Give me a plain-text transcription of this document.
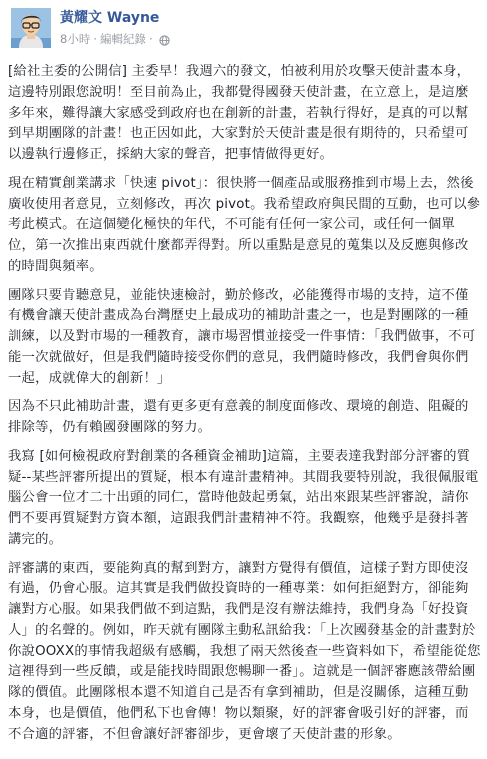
黃耀文 Wayne
8小時 · 編輯紀錄 ·

[給社主委的公開信] 主委早！我週六的發文，怕被利用於攻擊天使計畫本身，這邊特別跟您說明！至目前為止，我都覺得國發天使計畫，在立意上，是這麼多年來，難得讓大家感受到政府也在創新的計畫，若執行得好，是真的可以幫到早期團隊的計畫！也正因如此，大家對於天使計畫是很有期待的，只希望可以邊執行邊修正，採納大家的聲音，把事情做得更好。

現在精實創業講求「快速 pivot」：很快將一個產品或服務推到市場上去，然後廣收使用者意見，立刻修改，再次 pivot。我希望政府與民間的互動，也可以參考此模式。在這個變化極快的年代，不可能有任何一家公司，或任何一個單位，第一次推出東西就什麼都弄得對。所以重點是意見的蒐集以及反應與修改的時間與頻率。

團隊只要肯聽意見，並能快速檢討，勤於修改，必能獲得市場的支持，這不僅有機會讓天使計畫成為台灣歷史上最成功的補助計畫之一，也是對團隊的一種訓練，以及對市場的一種教育，讓市場習慣並接受一件事情：「我們做事，不可能一次就做好，但是我們隨時接受你們的意見，我們隨時修改，我們會與你們一起，成就偉大的創新！」

因為不只此補助計畫，還有更多更有意義的制度面修改、環境的創造、阻礙的排除等，仍有賴國發團隊的努力。

我寫 [如何檢視政府對創業的各種資金補助]這篇，主要表達我對部分評審的質疑--某些評審所提出的質疑，根本有違計畫精神。其間我要特別說，我很佩服電腦公會一位才二十出頭的同仁，當時他鼓起勇氣，站出來跟某些評審說，請你們不要再質疑對方資本額，這跟我們計畫精神不符。我觀察，他幾乎是發抖著講完的。

評審講的東西，要能夠真的幫到對方，讓對方覺得有價值，這樣子對方即使沒有過，仍會心服。這其實是我們做投資時的一種專業：如何拒絕對方，卻能夠讓對方心服。如果我們做不到這點，我們是沒有辦法維持，我們身為「好投資人」的名聲的。例如，昨天就有團隊主動私訊給我：「上次國發基金的計畫對於你說OOXX的事情我超級有感觸，我想了兩天然後查一些資料如下，希望能從您這裡得到一些反饋，或是能找時間跟您暢聊一番」。這就是一個評審應該帶給團隊的價值。此團隊根本還不知道自己是否有拿到補助，但是沒關係，這種互動本身，也是價值，他們私下也會傳！物以類聚，好的評審會吸引好的評審，而不合適的評審，不但會讓好評審卻步，更會壞了天使計畫的形象。
